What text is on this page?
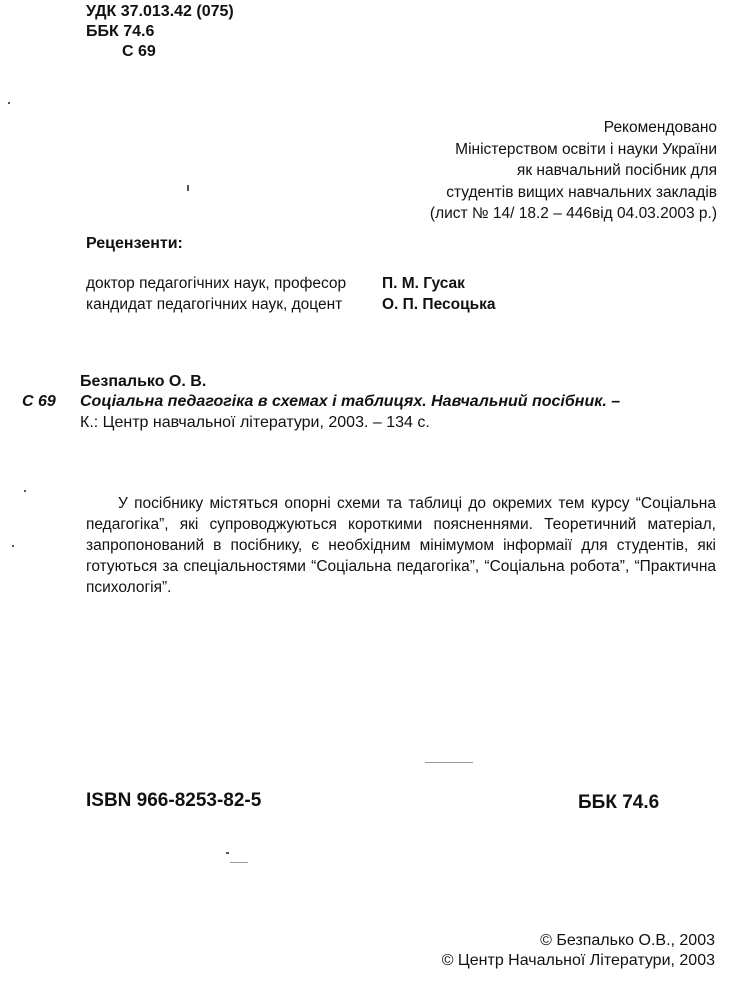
УДК 37.013.42 (075)
ББК 74.6
С 69
Рекомендовано
Міністерством освіти і науки України
як навчальний посібник для
студентів вищих навчальних закладів
(лист № 14/ 18.2 – 446від 04.03.2003 р.)
Рецензенти:
доктор педагогічних наук, професор П. М. Гусак
кандидат педагогічних наук, доцент	О. П. Песоцька
Безпалько О. В.
С 69 Соціальна педагогіка в схемах і таблицях. Навчальний посібник. –
К.: Центр навчальної літератури, 2003. – 134 с.
У посібнику містяться опорні схеми та таблиці до окремих тем курсу “Соціальна педагогіка”, які супроводжуються короткими поясненнями. Теоретичний матеріал, запропонований в посібнику, є необхідним мінімумом інформаії для студентів, які готуються за спеціальностями “Соціальна педагогіка”, “Соціальна робота”, “Практична психологія”.
ISBN 966-8253-82-5	ББК 74.6
© Безпалько О.В., 2003
© Центр Начальної Літератури, 2003
